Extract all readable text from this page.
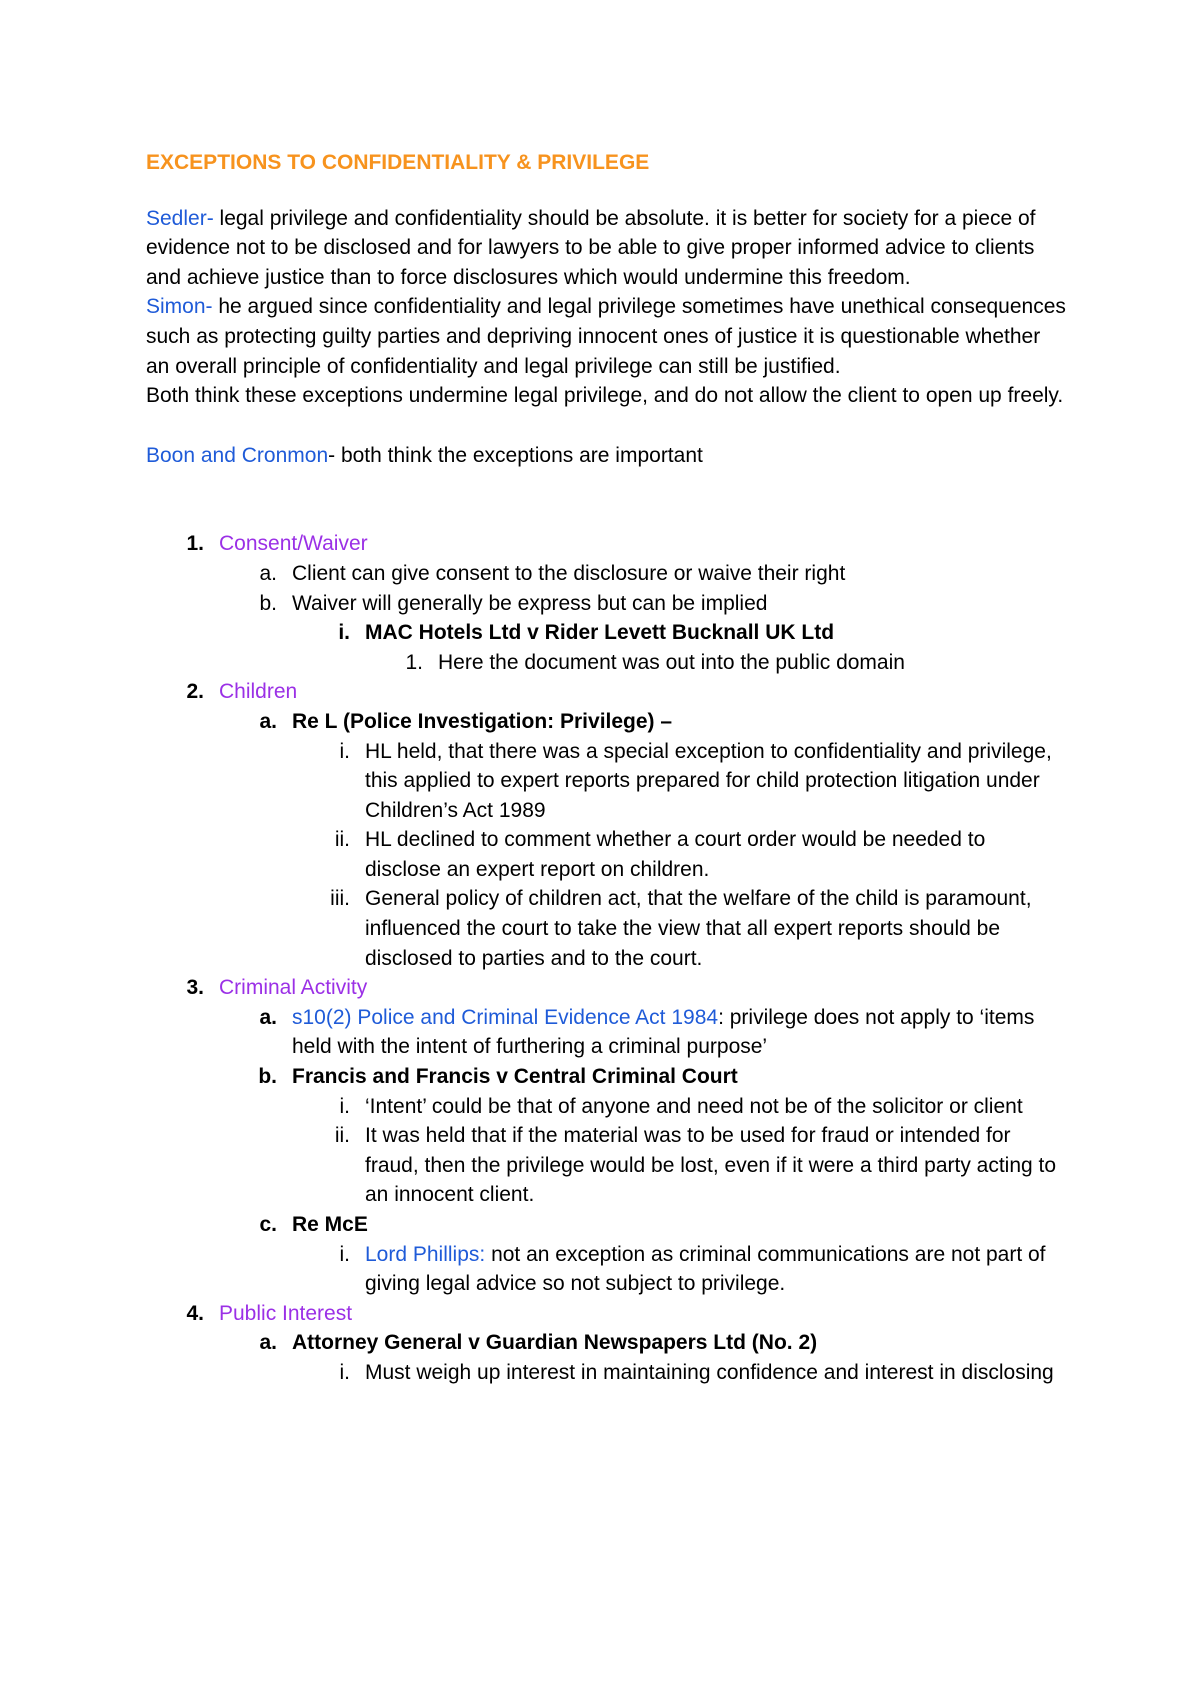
EXCEPTIONS TO CONFIDENTIALITY & PRIVILEGE

Sedler- legal privilege and confidentiality should be absolute. it is better for society for a piece of evidence not to be disclosed and for lawyers to be able to give proper informed advice to clients and achieve justice than to force disclosures which would undermine this freedom.

Simon- he argued since confidentiality and legal privilege sometimes have unethical consequences such as protecting guilty parties and depriving innocent ones of justice it is questionable whether an overall principle of confidentiality and legal privilege can still be justified.

Both think these exceptions undermine legal privilege, and do not allow the client to open up freely.

Boon and Cronmon- both think the exceptions are important

1. Consent/Waiver
a. Client can give consent to the disclosure or waive their right
b. Waiver will generally be express but can be implied
i. MAC Hotels Ltd v Rider Levett Bucknall UK Ltd
1. Here the document was out into the public domain
2. Children
a. Re L (Police Investigation: Privilege) –
i. HL held, that there was a special exception to confidentiality and privilege, this applied to expert reports prepared for child protection litigation under Children’s Act 1989
ii. HL declined to comment whether a court order would be needed to disclose an expert report on children.
iii. General policy of children act, that the welfare of the child is paramount, influenced the court to take the view that all expert reports should be disclosed to parties and to the court.
3. Criminal Activity
a. s10(2) Police and Criminal Evidence Act 1984: privilege does not apply to ‘items held with the intent of furthering a criminal purpose’
b. Francis and Francis v Central Criminal Court
i. ‘Intent’ could be that of anyone and need not be of the solicitor or client
ii. It was held that if the material was to be used for fraud or intended for fraud, then the privilege would be lost, even if it were a third party acting to an innocent client.
c. Re McE
i. Lord Phillips: not an exception as criminal communications are not part of giving legal advice so not subject to privilege.
4. Public Interest
a. Attorney General v Guardian Newspapers Ltd (No. 2)
i. Must weigh up interest in maintaining confidence and interest in disclosing
